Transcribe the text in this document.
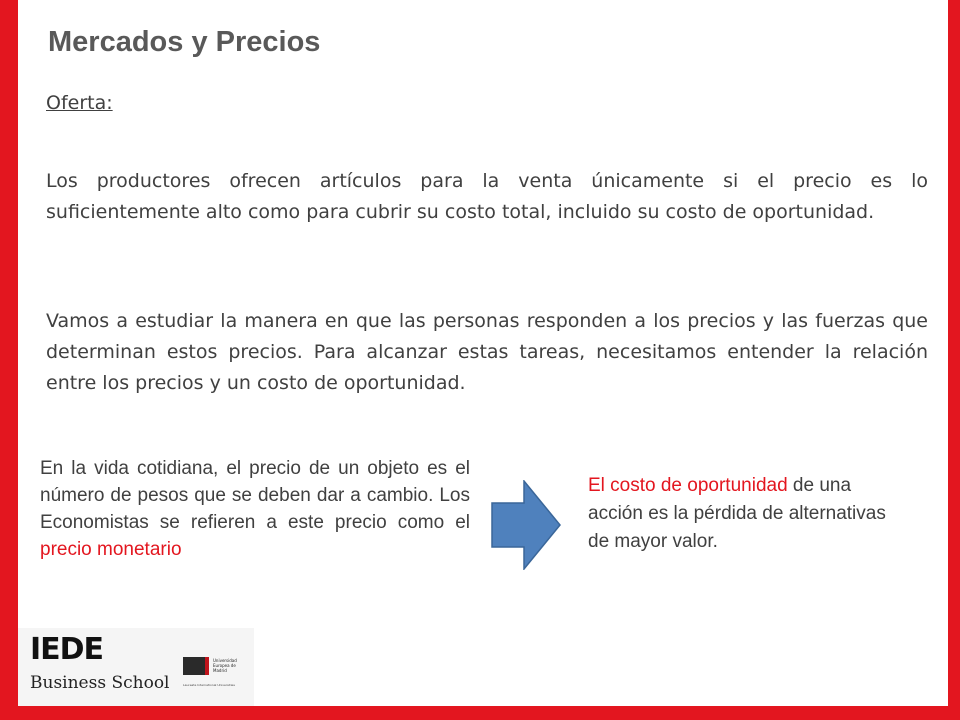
Mercados y Precios

Oferta:

Los productores ofrecen artículos para la venta únicamente si el precio es lo suficientemente alto como para cubrir su costo total, incluido su costo de oportunidad.

Vamos a estudiar la manera en que las personas responden a los precios y las fuerzas que determinan estos precios. Para alcanzar estas tareas, necesitamos entender la relación entre los precios y un costo de oportunidad.

En la vida cotidiana, el precio de un objeto es el número de pesos que se deben dar a cambio. Los Economistas se refieren a este precio como el precio monetario

El costo de oportunidad de una acción es la pérdida de alternativas de mayor valor.

IEDE
Business School
Universidad Europea de Madrid
Laureate International Universities
